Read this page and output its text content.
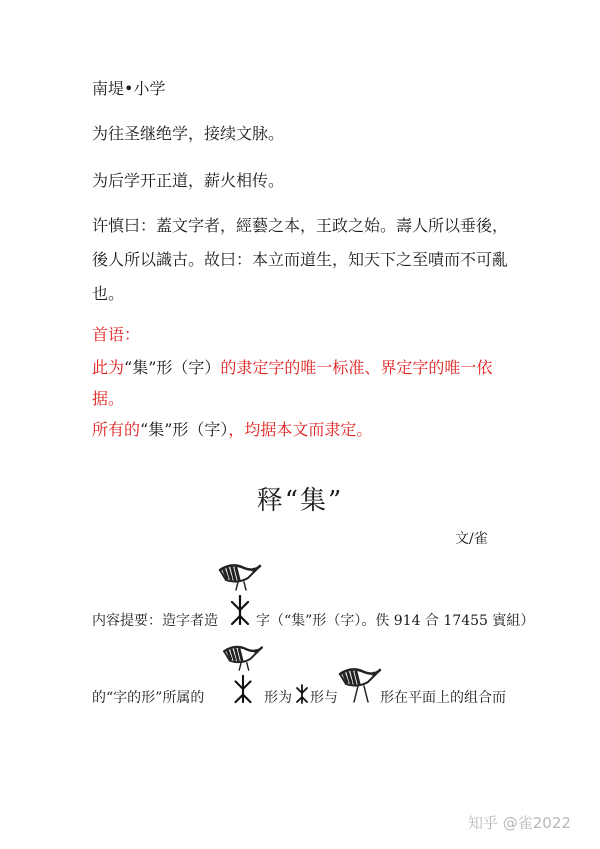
南堤•小学
为往圣继绝学，接续文脉。
为后学开正道，薪火相传。
许慎曰：蓋文字者，經藝之本，王政之始。壽人所以垂後，
後人所以識古。故曰：本立而道生，知天下之至嘖而不可亂
也。
首语：
此为“集”形（字）的隶定字的唯一标准、界定字的唯一依
据。
所有的“集”形（字），均据本文而隶定。
释“集”
文/雀
内容提要：造字者造	字（“集”形（字）。佚 914 合 17455 賓組）
的“字的形”所属的	形为 形与	形在平面上的组合而
知乎 @雀2022
